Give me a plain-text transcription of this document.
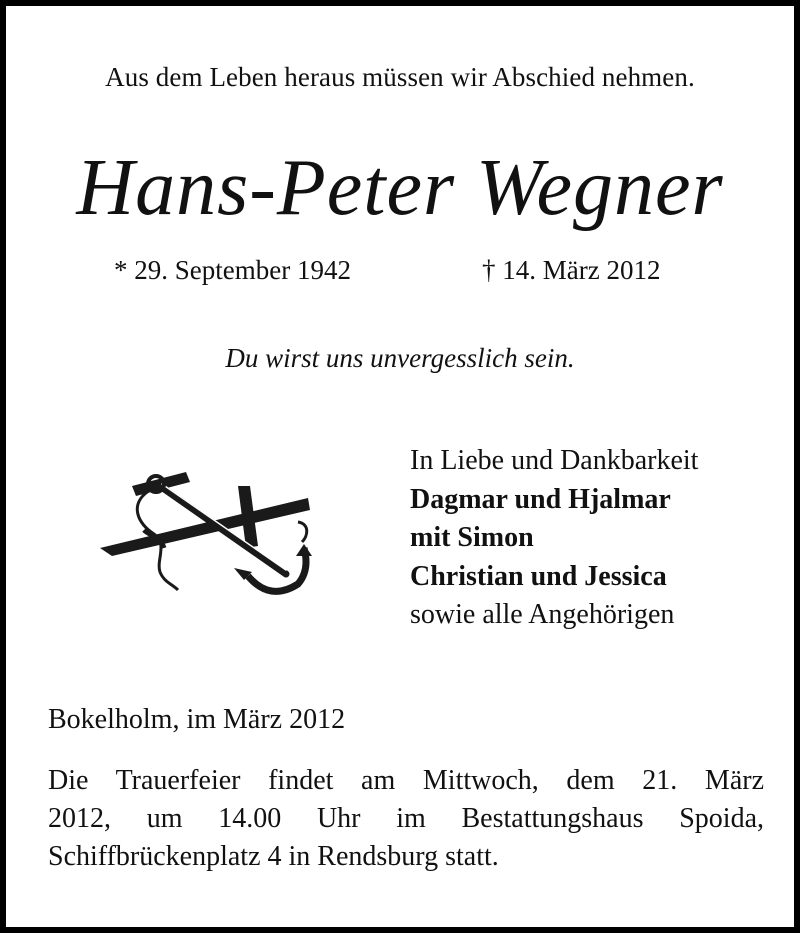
Aus dem Leben heraus müssen wir Abschied nehmen.
Hans-Peter Wegner
* 29. September 1942	† 14. März 2012
Du wirst uns unvergesslich sein.
In Liebe und Dankbarkeit
Dagmar und Hjalmar
mit Simon
Christian und Jessica
sowie alle Angehörigen
Bokelholm, im März 2012
Die Trauerfeier findet am Mittwoch, dem 21. März
2012, um 14.00 Uhr im Bestattungshaus Spoida,
Schiffbrückenplatz 4 in Rendsburg statt.
